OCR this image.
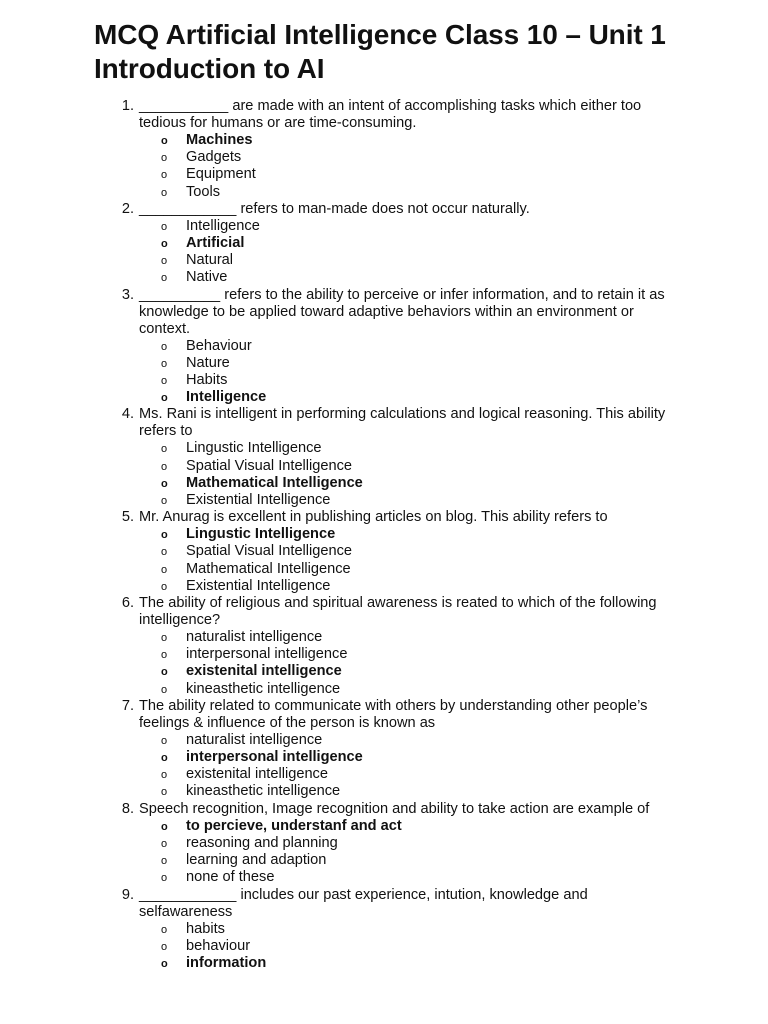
MCQ Artificial Intelligence Class 10 – Unit 1 Introduction to AI
1. ___________ are made with an intent of accomplishing tasks which either too tedious for humans or are time-consuming.
o Machines
o Gadgets
o Equipment
o Tools
2. ____________ refers to man-made does not occur naturally.
o Intelligence
o Artificial
o Natural
o Native
3. __________ refers to the ability to perceive or infer information, and to retain it as knowledge to be applied toward adaptive behaviors within an environment or context.
o Behaviour
o Nature
o Habits
o Intelligence
4. Ms. Rani is intelligent in performing calculations and logical reasoning. This ability refers to
o Lingustic Intelligence
o Spatial Visual Intelligence
o Mathematical Intelligence
o Existential Intelligence
5. Mr. Anurag is excellent in publishing articles on blog. This ability refers to
o Lingustic Intelligence
o Spatial Visual Intelligence
o Mathematical Intelligence
o Existential Intelligence
6. The ability of religious and spiritual awareness is reated to which of the following intelligence?
o naturalist intelligence
o interpersonal intelligence
o existenital intelligence
o kineasthetic intelligence
7. The ability related to communicate with others by understanding other people’s feelings & influence of the person is known as
o naturalist intelligence
o interpersonal intelligence
o existenital intelligence
o kineasthetic intelligence
8. Speech recognition, Image recognition and ability to take action are example of
o to percieve, understanf and act
o reasoning and planning
o learning and adaption
o none of these
9. ____________ includes our past experience, intution, knowledge and selfawareness
o habits
o behaviour
o information
